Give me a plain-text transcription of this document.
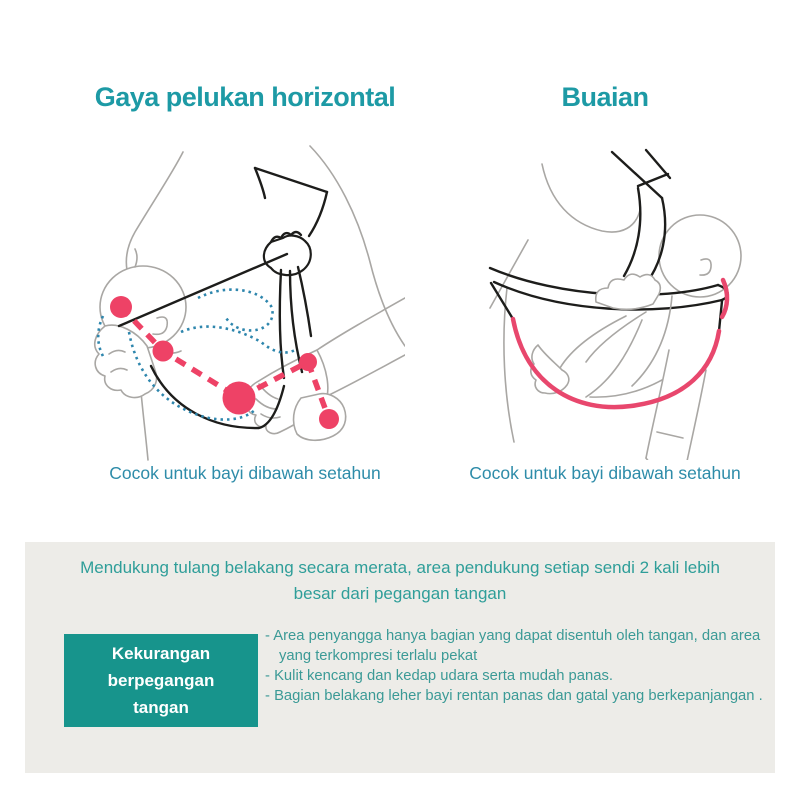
Gaya pelukan horizontal	Buaian
Cocok untuk bayi dibawah setahun	Cocok untuk bayi dibawah setahun
Mendukung tulang belakang secara merata, area pendukung setiap sendi 2 kali lebih besar dari pegangan tangan
Kekurangan berpegangan tangan
- Area penyangga hanya bagian yang dapat disentuh oleh tangan, dan area yang terkompresi terlalu pekat
- Kulit kencang dan kedap udara serta mudah panas.
- Bagian belakang leher bayi rentan panas dan gatal yang berkepanjangan .
